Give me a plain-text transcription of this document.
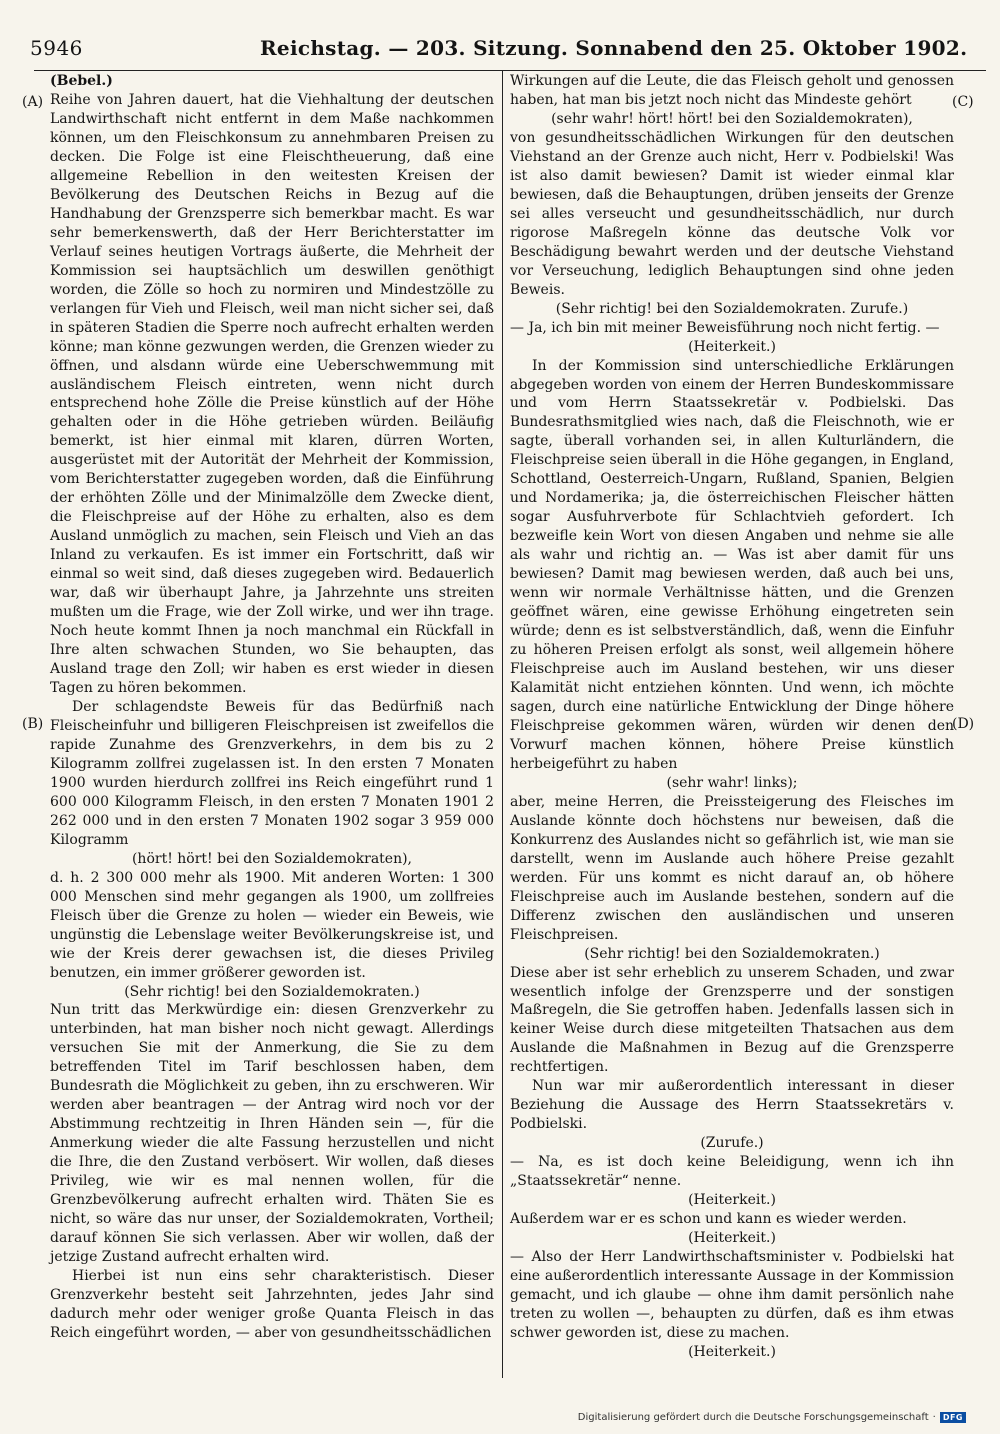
5946	Reichstag. — 203. Sitzung. Sonnabend den 25. Oktober 1902.
(A)
(B)
(C)
(D)

(Bebel.)

Reihe von Jahren dauert, hat die Viehhaltung der deutschen Landwirthschaft nicht entfernt in dem Maße nachkommen können, um den Fleischkonsum zu annehmbaren Preisen zu decken. Die Folge ist eine Fleischtheuerung, daß eine allgemeine Rebellion in den weitesten Kreisen der Bevölkerung des Deutschen Reichs in Bezug auf die Handhabung der Grenzsperre sich bemerkbar macht. Es war sehr bemerkenswerth, daß der Herr Berichterstatter im Verlauf seines heutigen Vortrags äußerte, die Mehrheit der Kommission sei hauptsächlich um deswillen genöthigt worden, die Zölle so hoch zu normiren und Mindestzölle zu verlangen für Vieh und Fleisch, weil man nicht sicher sei, daß in späteren Stadien die Sperre noch aufrecht erhalten werden könne; man könne gezwungen werden, die Grenzen wieder zu öffnen, und alsdann würde eine Ueberschwemmung mit ausländischem Fleisch eintreten, wenn nicht durch entsprechend hohe Zölle die Preise künstlich auf der Höhe gehalten oder in die Höhe getrieben würden. Beiläufig bemerkt, ist hier einmal mit klaren, dürren Worten, ausgerüstet mit der Autorität der Mehrheit der Kommission, vom Berichterstatter zugegeben worden, daß die Einführung der erhöhten Zölle und der Minimalzölle dem Zwecke dient, die Fleischpreise auf der Höhe zu erhalten, also es dem Ausland unmöglich zu machen, sein Fleisch und Vieh an das Inland zu verkaufen. Es ist immer ein Fortschritt, daß wir einmal so weit sind, daß dieses zugegeben wird. Bedauerlich war, daß wir überhaupt Jahre, ja Jahrzehnte uns streiten mußten um die Frage, wie der Zoll wirke, und wer ihn trage. Noch heute kommt Ihnen ja noch manchmal ein Rückfall in Ihre alten schwachen Stunden, wo Sie behaupten, das Ausland trage den Zoll; wir haben es erst wieder in diesen Tagen zu hören bekommen.

Der schlagendste Beweis für das Bedürfniß nach Fleischeinfuhr und billigeren Fleischpreisen ist zweifellos die rapide Zunahme des Grenzverkehrs, in dem bis zu 2 Kilogramm zollfrei zugelassen ist. In den ersten 7 Monaten 1900 wurden hierdurch zollfrei ins Reich eingeführt rund 1 600 000 Kilogramm Fleisch, in den ersten 7 Monaten 1901 2 262 000 und in den ersten 7 Monaten 1902 sogar 3 959 000 Kilogramm

(hört! hört! bei den Sozialdemokraten),

d. h. 2 300 000 mehr als 1900. Mit anderen Worten: 1 300 000 Menschen sind mehr gegangen als 1900, um zollfreies Fleisch über die Grenze zu holen — wieder ein Beweis, wie ungünstig die Lebenslage weiter Bevölkerungskreise ist, und wie der Kreis derer gewachsen ist, die dieses Privileg benutzen, ein immer größerer geworden ist.

(Sehr richtig! bei den Sozialdemokraten.)

Nun tritt das Merkwürdige ein: diesen Grenzverkehr zu unterbinden, hat man bisher noch nicht gewagt. Allerdings versuchen Sie mit der Anmerkung, die Sie zu dem betreffenden Titel im Tarif beschlossen haben, dem Bundesrath die Möglichkeit zu geben, ihn zu erschweren. Wir werden aber beantragen — der Antrag wird noch vor der Abstimmung rechtzeitig in Ihren Händen sein —, für die Anmerkung wieder die alte Fassung herzustellen und nicht die Ihre, die den Zustand verbösert. Wir wollen, daß dieses Privileg, wie wir es mal nennen wollen, für die Grenzbevölkerung aufrecht erhalten wird. Thäten Sie es nicht, so wäre das nur unser, der Sozialdemokraten, Vortheil; darauf können Sie sich verlassen. Aber wir wollen, daß der jetzige Zustand aufrecht erhalten wird.

Hierbei ist nun eins sehr charakteristisch. Dieser Grenzverkehr besteht seit Jahrzehnten, jedes Jahr sind dadurch mehr oder weniger große Quanta Fleisch in das Reich eingeführt worden, — aber von gesundheitsschädlichen

Wirkungen auf die Leute, die das Fleisch geholt und genossen haben, hat man bis jetzt noch nicht das Mindeste gehört

(sehr wahr! hört! hört! bei den Sozialdemokraten),

von gesundheitsschädlichen Wirkungen für den deutschen Viehstand an der Grenze auch nicht, Herr v. Podbielski! Was ist also damit bewiesen? Damit ist wieder einmal klar bewiesen, daß die Behauptungen, drüben jenseits der Grenze sei alles verseucht und gesundheitsschädlich, nur durch rigorose Maßregeln könne das deutsche Volk vor Beschädigung bewahrt werden und der deutsche Viehstand vor Verseuchung, lediglich Behauptungen sind ohne jeden Beweis.

(Sehr richtig! bei den Sozialdemokraten. Zurufe.)

— Ja, ich bin mit meiner Beweisführung noch nicht fertig. —

(Heiterkeit.)

In der Kommission sind unterschiedliche Erklärungen abgegeben worden von einem der Herren Bundeskommissare und vom Herrn Staatssekretär v. Podbielski. Das Bundesrathsmitglied wies nach, daß die Fleischnoth, wie er sagte, überall vorhanden sei, in allen Kulturländern, die Fleischpreise seien überall in die Höhe gegangen, in England, Schottland, Oesterreich-Ungarn, Rußland, Spanien, Belgien und Nordamerika; ja, die österreichischen Fleischer hätten sogar Ausfuhrverbote für Schlachtvieh gefordert. Ich bezweifle kein Wort von diesen Angaben und nehme sie alle als wahr und richtig an. — Was ist aber damit für uns bewiesen? Damit mag bewiesen werden, daß auch bei uns, wenn wir normale Verhältnisse hätten, und die Grenzen geöffnet wären, eine gewisse Erhöhung eingetreten sein würde; denn es ist selbstverständlich, daß, wenn die Einfuhr zu höheren Preisen erfolgt als sonst, weil allgemein höhere Fleischpreise auch im Ausland bestehen, wir uns dieser Kalamität nicht entziehen könnten. Und wenn, ich möchte sagen, durch eine natürliche Entwicklung der Dinge höhere Fleischpreise gekommen wären, würden wir denen den Vorwurf machen können, höhere Preise künstlich herbeigeführt zu haben

(sehr wahr! links);

aber, meine Herren, die Preissteigerung des Fleisches im Auslande könnte doch höchstens nur beweisen, daß die Konkurrenz des Auslandes nicht so gefährlich ist, wie man sie darstellt, wenn im Auslande auch höhere Preise gezahlt werden. Für uns kommt es nicht darauf an, ob höhere Fleischpreise auch im Auslande bestehen, sondern auf die Differenz zwischen den ausländischen und unseren Fleischpreisen.

(Sehr richtig! bei den Sozialdemokraten.)

Diese aber ist sehr erheblich zu unserem Schaden, und zwar wesentlich infolge der Grenzsperre und der sonstigen Maßregeln, die Sie getroffen haben. Jedenfalls lassen sich in keiner Weise durch diese mitgeteilten Thatsachen aus dem Auslande die Maßnahmen in Bezug auf die Grenzsperre rechtfertigen.

Nun war mir außerordentlich interessant in dieser Beziehung die Aussage des Herrn Staatssekretärs v. Podbielski.

(Zurufe.)

— Na, es ist doch keine Beleidigung, wenn ich ihn „Staatssekretär“ nenne.

(Heiterkeit.)

Außerdem war er es schon und kann es wieder werden.

(Heiterkeit.)

— Also der Herr Landwirthschaftsminister v. Podbielski hat eine außerordentlich interessante Aussage in der Kommission gemacht, und ich glaube — ohne ihm damit persönlich nahe treten zu wollen —, behaupten zu dürfen, daß es ihm etwas schwer geworden ist, diese zu machen.

(Heiterkeit.)

Digitalisierung gefördert durch die Deutsche Forschungsgemeinschaft · DFG
